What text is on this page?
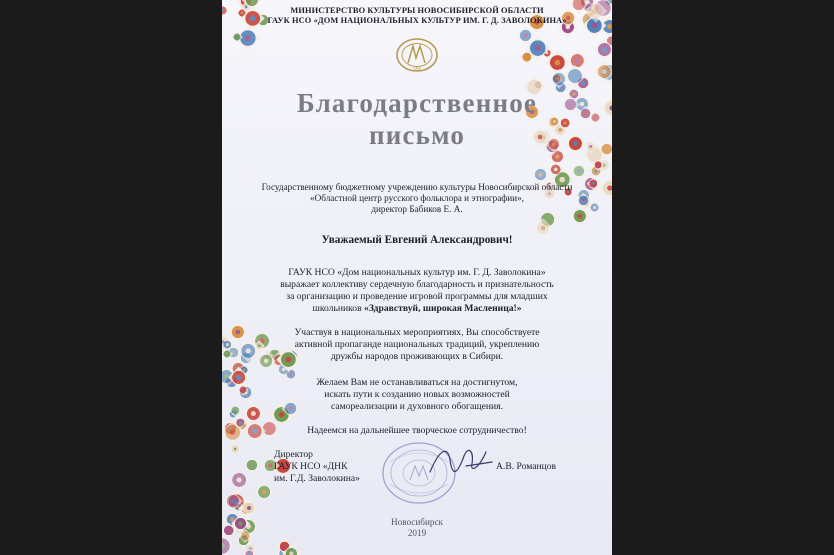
МИНИСТЕРСТВО КУЛЬТУРЫ НОВОСИБИРСКОЙ ОБЛАСТИ
ГАУК НСО «ДОМ НАЦИОНАЛЬНЫХ КУЛЬТУР ИМ. Г. Д. ЗАВОЛОКИНА»
ДНК
Благодарственное
письмо
Государственному бюджетному учреждению культуры Новосибирской области
«Областной центр русского фольклора и этнографии»,
директор Бабиков Е. А.
Уважаемый Евгений Александрович!
ГАУК НСО «Дом национальных культур им. Г. Д. Заволокина»
выражает коллективу сердечную благодарность и признательность
за организацию и проведение игровой программы для младших
школьников «Здравствуй, широкая Масленица!»
Участвуя в национальных мероприятиях, Вы способствуете
активной пропаганде национальных традиций, укреплению
дружбы народов проживающих в Сибири.
Желаем Вам не останавливаться на достигнутом,
искать пути к созданию новых возможностей
самореализации и духовного обогащения.
Надеемся на дальнейшее творческое сотрудничество!
Директор
ГАУК НСО «ДНК
им. Г.Д. Заволокина»
А.В. Романцов
Новосибирск
2019
